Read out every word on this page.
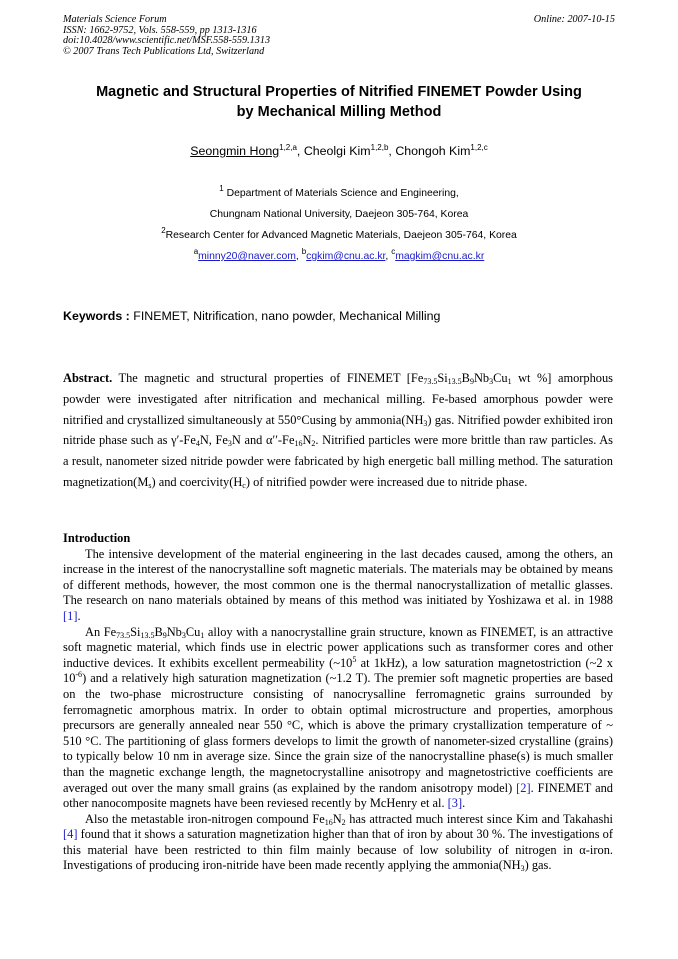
Materials Science Forum	Online: 2007-10-15
ISSN: 1662-9752, Vols. 558-559, pp 1313-1316
doi:10.4028/www.scientific.net/MSF.558-559.1313
© 2007 Trans Tech Publications Ltd, Switzerland
Magnetic and Structural Properties of Nitrified FINEMET Powder Using
by Mechanical Milling Method
Seongmin Hong$^{1,2,a}$, Cheolgi Kim$^{1,2,b}$, Chongoh Kim$^{1,2,c}$
$^1$ Department of Materials Science and Engineering,
Chungnam National University, Daejeon 305-764, Korea
$^2$Research Center for Advanced Magnetic Materials, Daejeon 305-764, Korea
$^a$minny20@naver.com, $^b$cgkim@cnu.ac.kr, $^c$magkim@cnu.ac.kr
Keywords : FINEMET, Nitrification, nano powder, Mechanical Milling
Abstract. The magnetic and structural properties of FINEMET [$Fe_{73.5}Si_{13.5}B_9Nb_3Cu_1$ wt %] amorphous powder were investigated after nitrification and mechanical milling. Fe-based amorphous powder were nitrified and crystallized simultaneously at 550°Cusing by $ammonia(NH_3)$ gas. Nitrified powder exhibited iron nitride phase such as $\gamma'-Fe_4N$, $Fe_3N$ and $\alpha''-Fe_{16}N_2$. Nitrified particles were more brittle than raw particles. As a result, nanometer sized nitride powder were fabricated by high energetic ball milling method. The saturation $magnetization(M_s)$ and $coercivity(H_c)$ of nitrified powder were increased due to nitride phase.
Introduction

The intensive development of the material engineering in the last decades caused, among the others, an increase in the interest of the nanocrystalline soft magnetic materials. The materials may be obtained by means of different methods, however, the most common one is the thermal nanocrystallization of metallic glasses. The research on nano materials obtained by means of this method was initiated by Yoshizawa et al. in 1988 [1].

An $Fe_{73.5}Si_{13.5}B_9Nb_3Cu_1$ alloy with a nanocrystalline grain structure, known as FINEMET, is an attractive soft magnetic material, which finds use in electric power applications such as transformer cores and other inductive devices. It exhibits excellent permeability ($\sim 10^5$ at 1kHz), a low saturation magnetostriction (~2 x $10^{-6}$) and a relatively high saturation magnetization (~1.2 T). The premier soft magnetic properties are based on the two-phase microstructure consisting of nanocrysalline ferromagnetic grains surrounded by ferromagnetic amorphous matrix. In order to obtain optimal microstructure and properties, amorphous precursors are generally annealed near 550 °C, which is above the primary crystallization temperature of ~ 510 °C. The partitioning of glass formers develops to limit the growth of nanometer-sized crystalline (grains) to typically below 10 nm in average size. Since the grain size of the nanocrystalline phase(s) is much smaller than the magnetic exchange length, the magnetocrystalline anisotropy and magnetostrictive coefficients are averaged out over the many small grains (as explained by the random anisotropy model) [2]. FINEMET and other nanocomposite magnets have been reviesed recently by McHenry et al. [3].

Also the metastable iron-nitrogen compound $Fe_{16}N_2$ has attracted much interest since Kim and Takahashi [4] found that it shows a saturation magnetization higher than that of iron by about 30 %. The investigations of this material have been restricted to thin film mainly because of low solubility of nitrogen in α-iron. Investigations of producing iron-nitride have been made recently applying the $ammonia(NH_3)$ gas.
